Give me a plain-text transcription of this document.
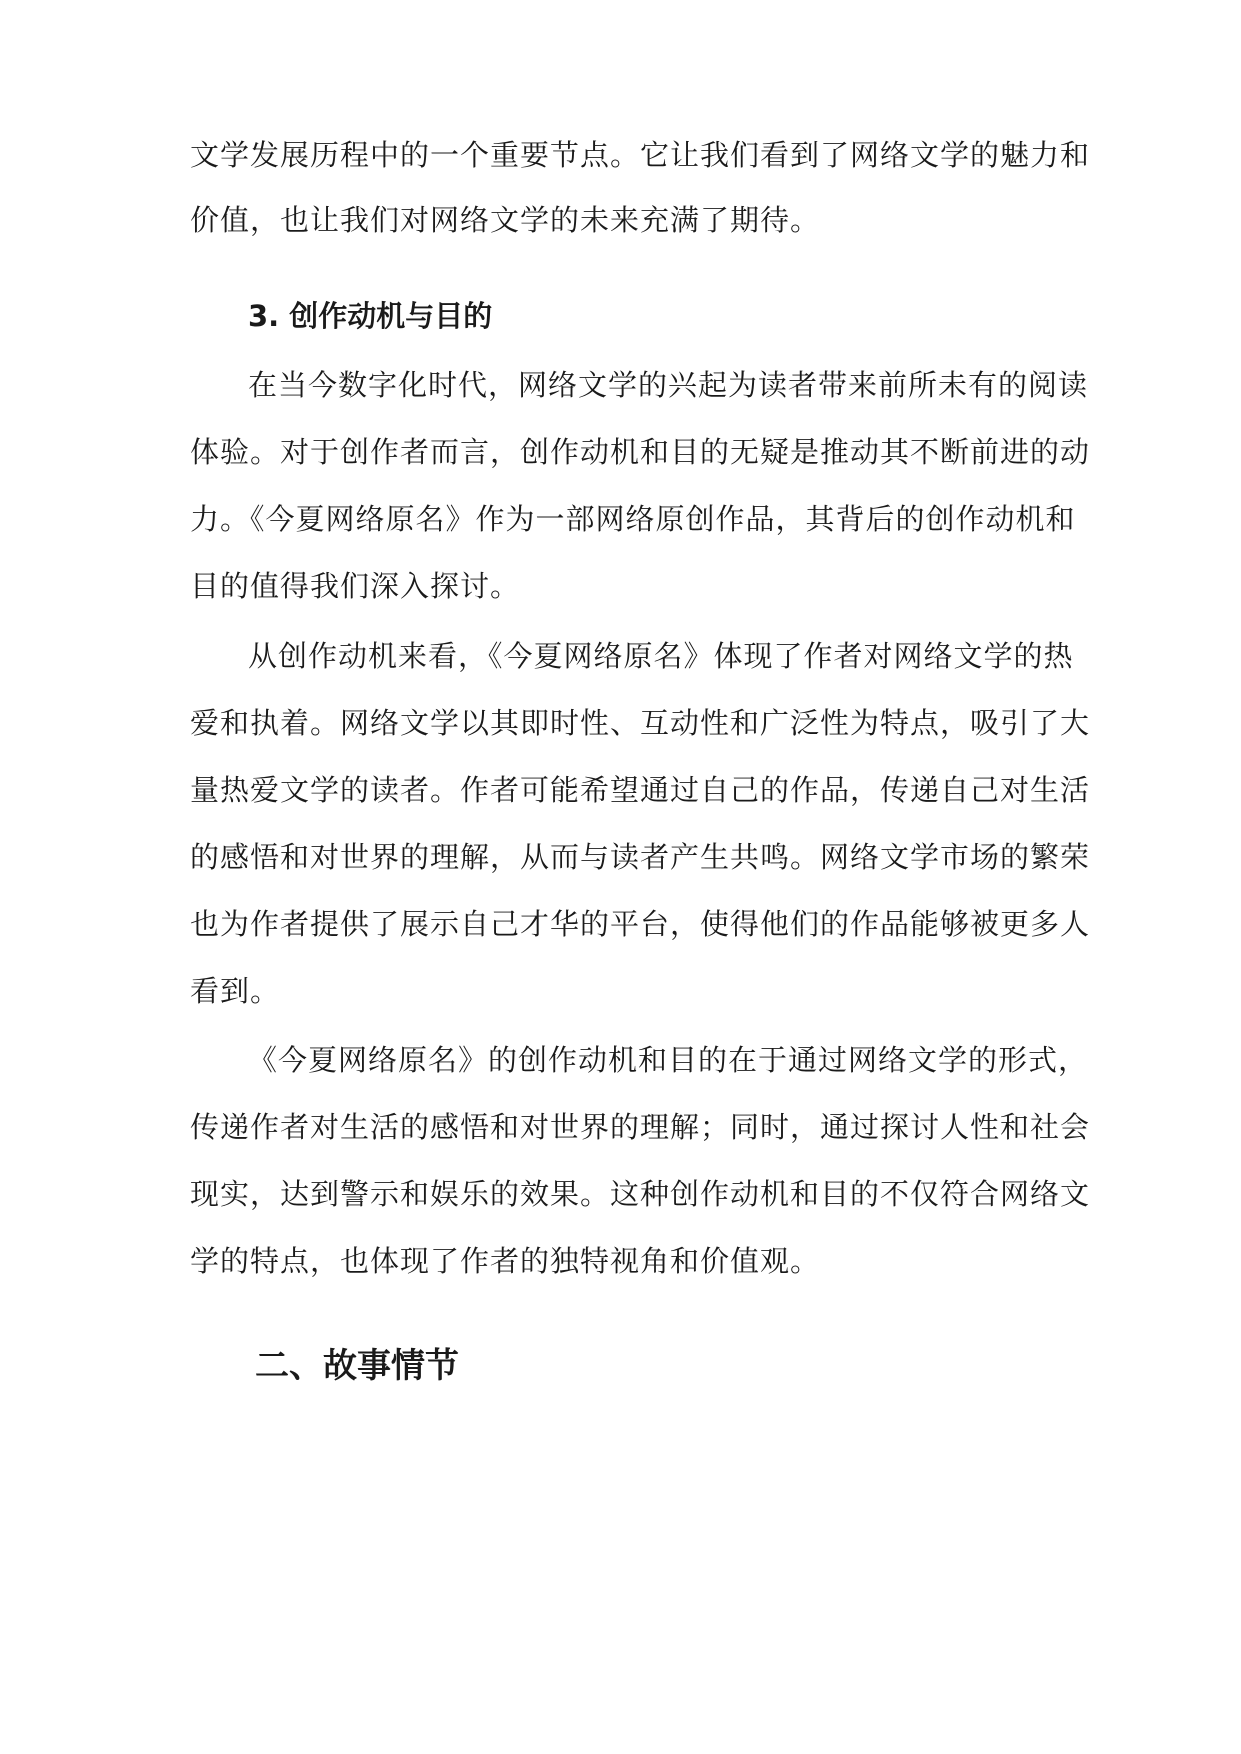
文学发展历程中的一个重要节点。它让我们看到了网络文学的魅力和
价值，也让我们对网络文学的未来充满了期待。
3. 创作动机与目的
在当今数字化时代，网络文学的兴起为读者带来前所未有的阅读
体验。对于创作者而言，创作动机和目的无疑是推动其不断前进的动
力。《今夏网络原名》作为一部网络原创作品，其背后的创作动机和
目的值得我们深入探讨。
从创作动机来看，《今夏网络原名》体现了作者对网络文学的热
爱和执着。网络文学以其即时性、互动性和广泛性为特点，吸引了大
量热爱文学的读者。作者可能希望通过自己的作品，传递自己对生活
的感悟和对世界的理解，从而与读者产生共鸣。网络文学市场的繁荣
也为作者提供了展示自己才华的平台，使得他们的作品能够被更多人
看到。
《今夏网络原名》的创作动机和目的在于通过网络文学的形式，
传递作者对生活的感悟和对世界的理解；同时，通过探讨人性和社会
现实，达到警示和娱乐的效果。这种创作动机和目的不仅符合网络文
学的特点，也体现了作者的独特视角和价值观。
二、故事情节
